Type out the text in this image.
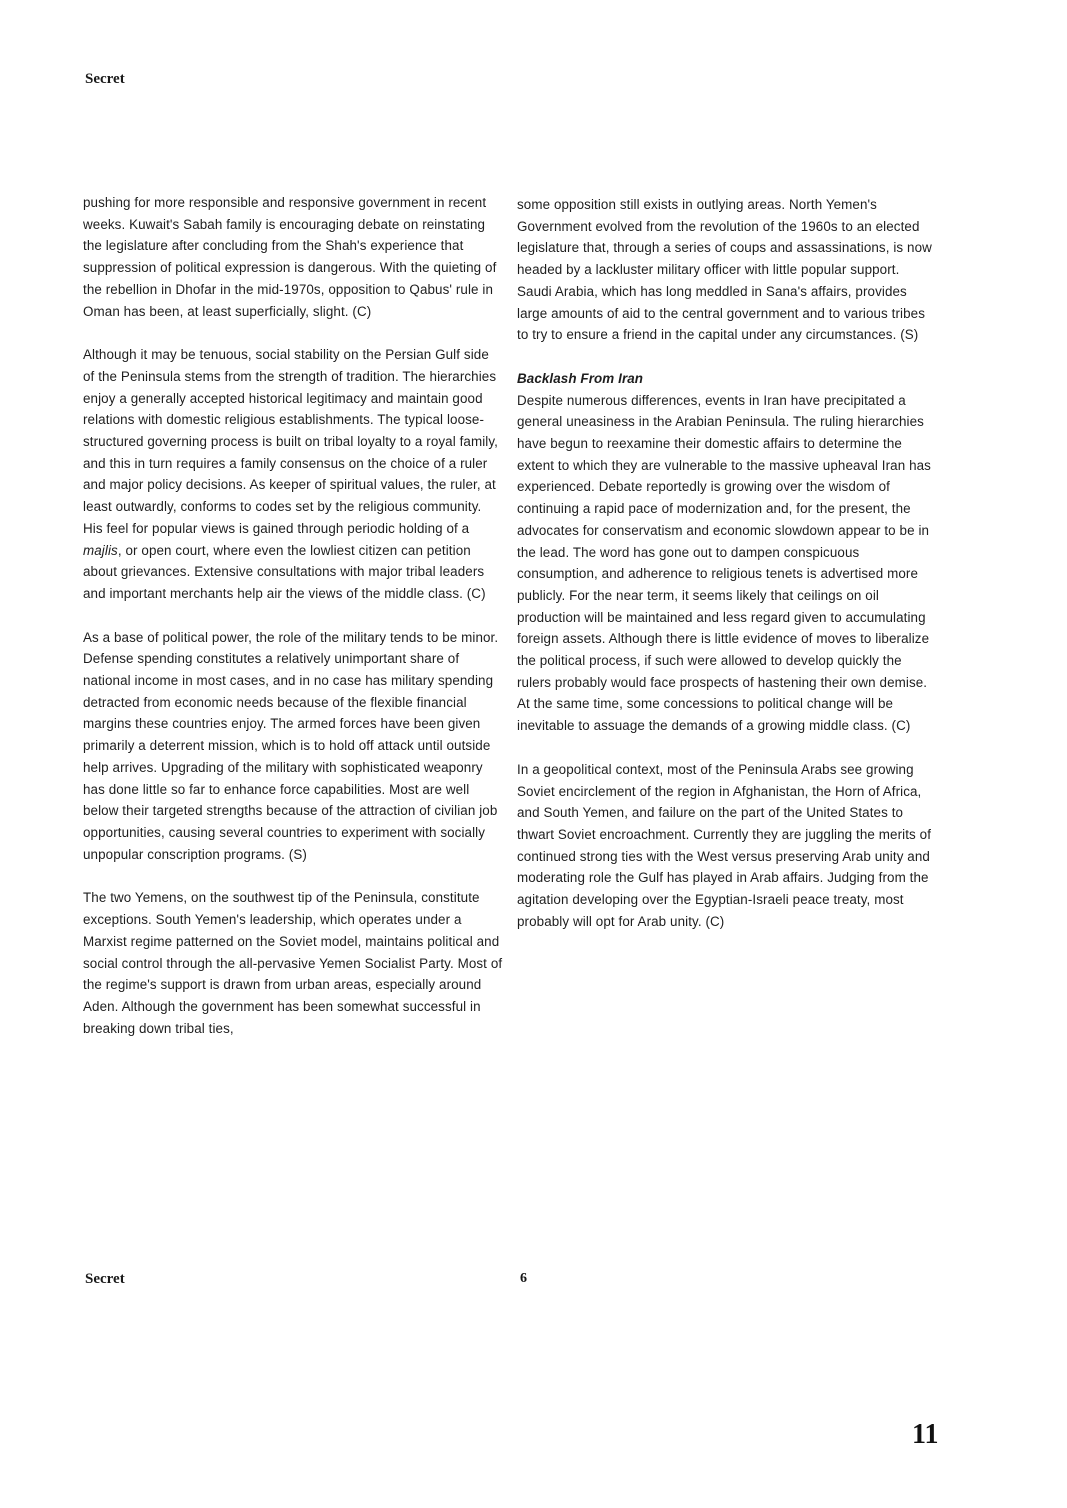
Secret

pushing for more responsible and responsive government in recent weeks. Kuwait's Sabah family is encouraging debate on reinstating the legislature after concluding from the Shah's experience that suppression of political expression is dangerous. With the quieting of the rebellion in Dhofar in the mid-1970s, opposition to Qabus' rule in Oman has been, at least superficially, slight. (C)

Although it may be tenuous, social stability on the Persian Gulf side of the Peninsula stems from the strength of tradition. The hierarchies enjoy a generally accepted historical legitimacy and maintain good relations with domestic religious establishments. The typical loose-structured governing process is built on tribal loyalty to a royal family, and this in turn requires a family consensus on the choice of a ruler and major policy decisions. As keeper of spiritual values, the ruler, at least outwardly, conforms to codes set by the religious community. His feel for popular views is gained through periodic holding of a majlis, or open court, where even the lowliest citizen can petition about grievances. Extensive consultations with major tribal leaders and important merchants help air the views of the middle class. (C)

As a base of political power, the role of the military tends to be minor. Defense spending constitutes a relatively unimportant share of national income in most cases, and in no case has military spending detracted from economic needs because of the flexible financial margins these countries enjoy. The armed forces have been given primarily a deterrent mission, which is to hold off attack until outside help arrives. Upgrading of the military with sophisticated weaponry has done little so far to enhance force capabilities. Most are well below their targeted strengths because of the attraction of civilian job opportunities, causing several countries to experiment with socially unpopular conscription programs. (S)

The two Yemens, on the southwest tip of the Peninsula, constitute exceptions. South Yemen's leadership, which operates under a Marxist regime patterned on the Soviet model, maintains political and social control through the all-pervasive Yemen Socialist Party. Most of the regime's support is drawn from urban areas, especially around Aden. Although the government has been somewhat successful in breaking down tribal ties,

some opposition still exists in outlying areas. North Yemen's Government evolved from the revolution of the 1960s to an elected legislature that, through a series of coups and assassinations, is now headed by a lackluster military officer with little popular support. Saudi Arabia, which has long meddled in Sana's affairs, provides large amounts of aid to the central government and to various tribes to try to ensure a friend in the capital under any circumstances. (S)

Backlash From Iran

Despite numerous differences, events in Iran have precipitated a general uneasiness in the Arabian Peninsula. The ruling hierarchies have begun to reexamine their domestic affairs to determine the extent to which they are vulnerable to the massive upheaval Iran has experienced. Debate reportedly is growing over the wisdom of continuing a rapid pace of modernization and, for the present, the advocates for conservatism and economic slowdown appear to be in the lead. The word has gone out to dampen conspicuous consumption, and adherence to religious tenets is advertised more publicly. For the near term, it seems likely that ceilings on oil production will be maintained and less regard given to accumulating foreign assets. Although there is little evidence of moves to liberalize the political process, if such were allowed to develop quickly the rulers probably would face prospects of hastening their own demise. At the same time, some concessions to political change will be inevitable to assuage the demands of a growing middle class. (C)

In a geopolitical context, most of the Peninsula Arabs see growing Soviet encirclement of the region in Afghanistan, the Horn of Africa, and South Yemen, and failure on the part of the United States to thwart Soviet encroachment. Currently they are juggling the merits of continued strong ties with the West versus preserving Arab unity and moderating role the Gulf has played in Arab affairs. Judging from the agitation developing over the Egyptian-Israeli peace treaty, most probably will opt for Arab unity. (C)

Secret	6
11
